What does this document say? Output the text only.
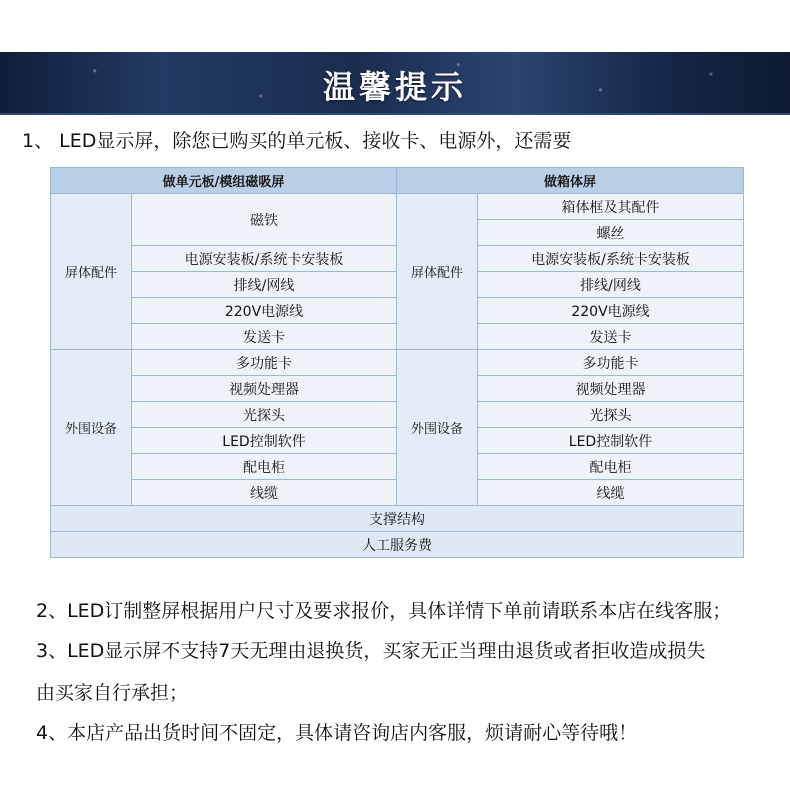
温馨提示
1、 LED显示屏，除您已购买的单元板、接收卡、电源外，还需要
做单元板/模组磁吸屏		做箱体屏	
屏体配件	磁铁	屏体配件	箱体框及其配件
			螺丝
	电源安装板/系统卡安装板		电源安装板/系统卡安装板
	排线/网线		排线/网线
	220V电源线		220V电源线
	发送卡		发送卡
外围设备	多功能卡	外围设备	多功能卡
	视频处理器		视频处理器
	光探头		光探头
	LED控制软件		LED控制软件
	配电柜		配电柜
	线缆		线缆
支撑结构			
人工服务费			
2、LED订制整屏根据用户尺寸及要求报价，具体详情下单前请联系本店在线客服；
3、LED显示屏不支持7天无理由退换货，买家无正当理由退货或者拒收造成损失
由买家自行承担；
4、本店产品出货时间不固定，具体请咨询店内客服，烦请耐心等待哦！
